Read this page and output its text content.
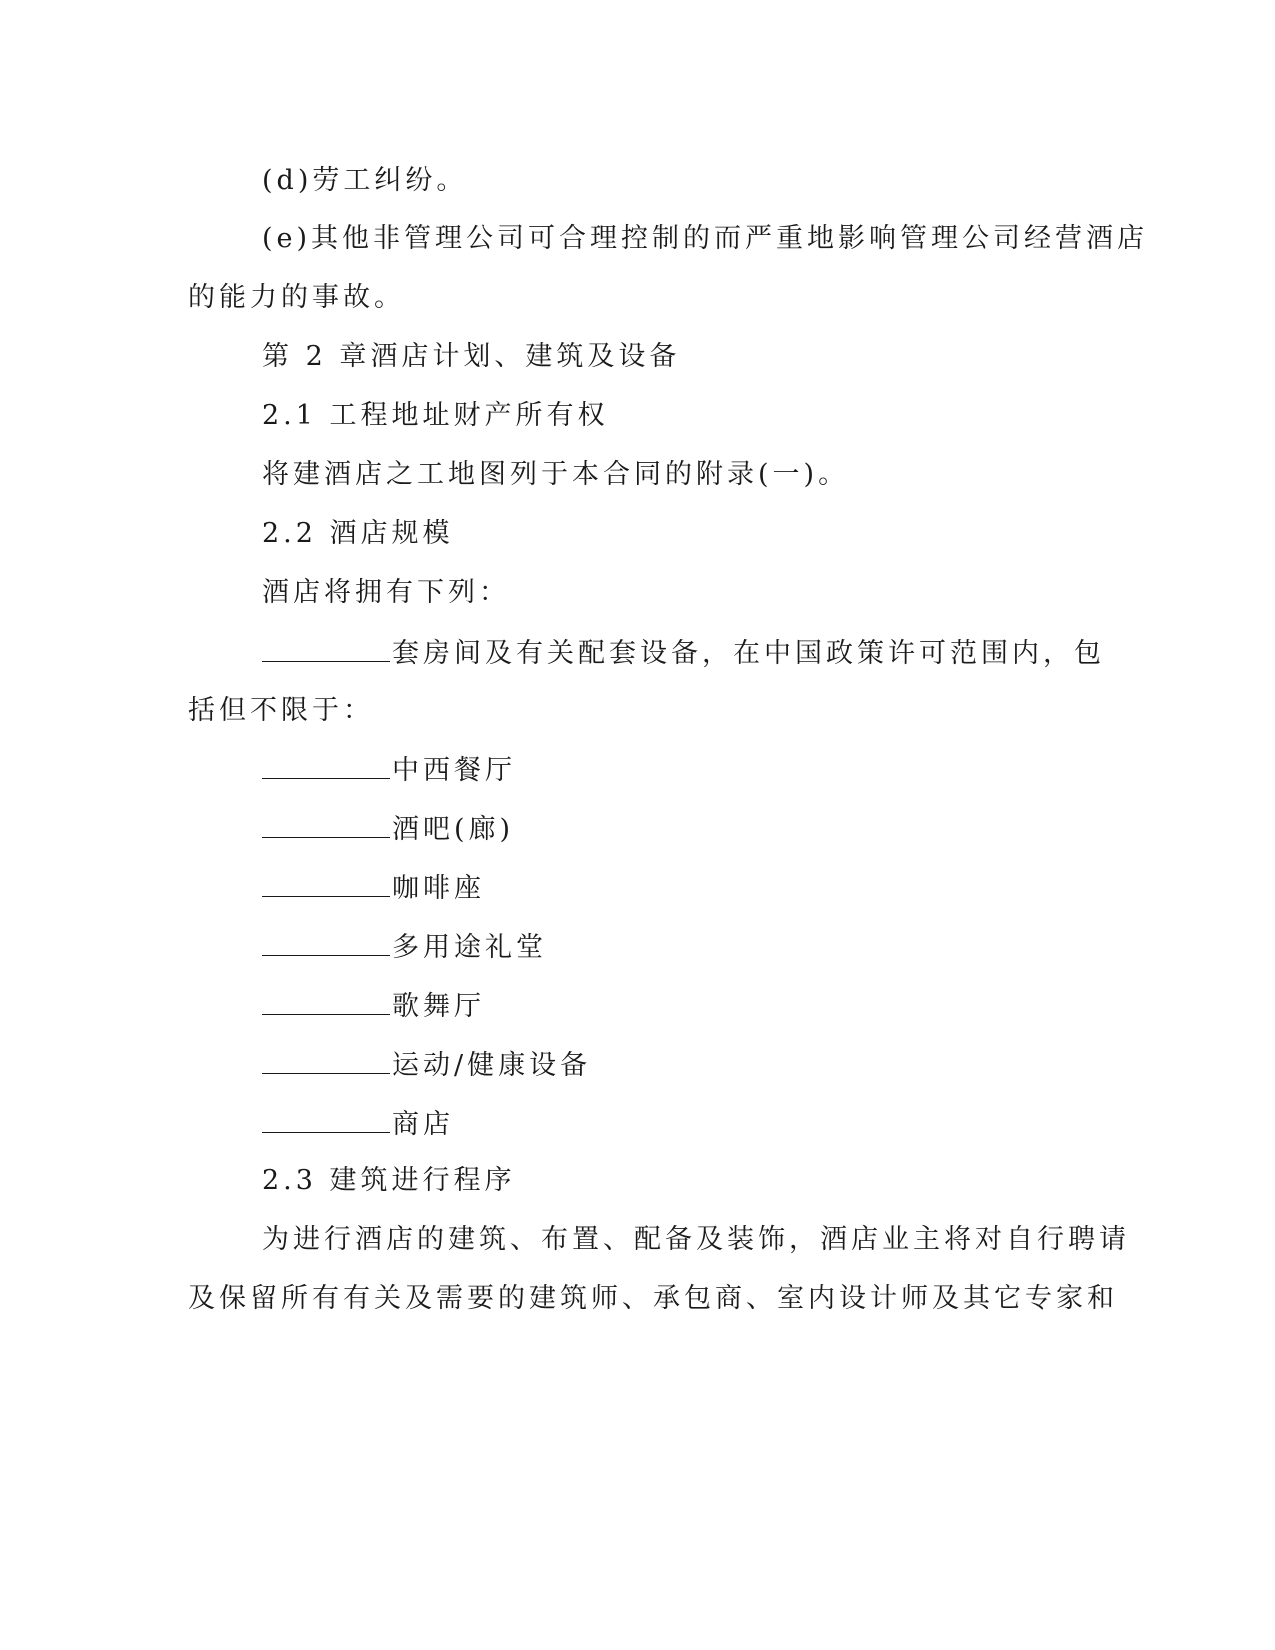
(d)劳工纠纷。
(e)其他非管理公司可合理控制的而严重地影响管理公司经营酒店
的能力的事故。
第 2 章酒店计划、建筑及设备
2.1 工程地址财产所有权
将建酒店之工地图列于本合同的附录(一)。
2.2 酒店规模
酒店将拥有下列：
套房间及有关配套设备，在中国政策许可范围内，包
括但不限于：
中西餐厅
酒吧(廊)
咖啡座
多用途礼堂
歌舞厅
运动/健康设备
商店
2.3 建筑进行程序
为进行酒店的建筑、布置、配备及装饰，酒店业主将对自行聘请
及保留所有有关及需要的建筑师、承包商、室内设计师及其它专家和
